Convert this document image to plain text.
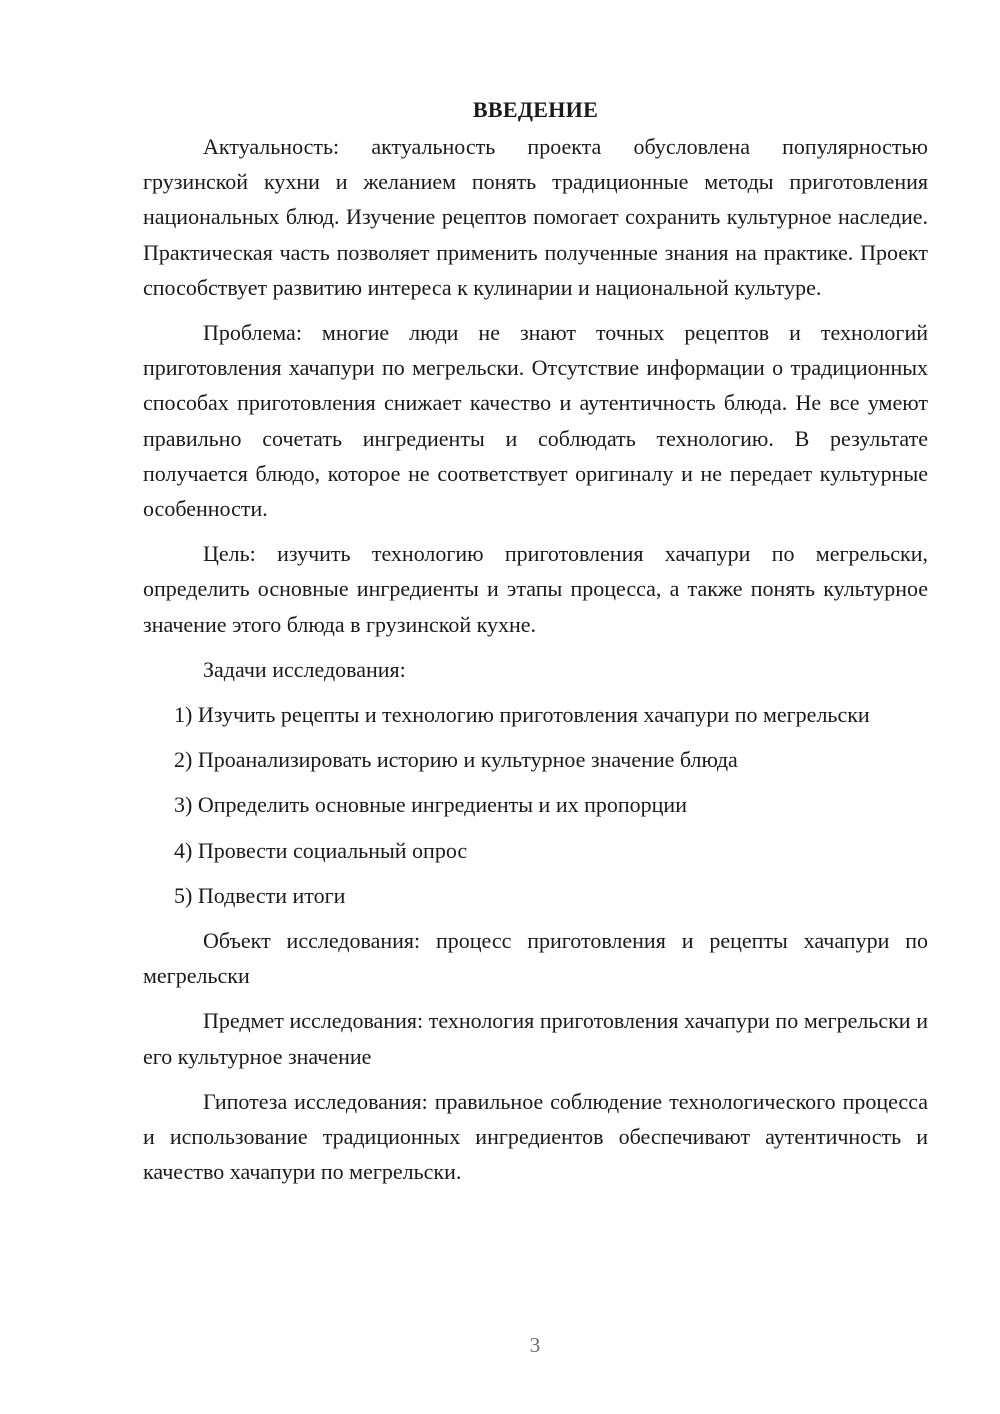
ВВЕДЕНИЕ

Актуальность: актуальность проекта обусловлена популярностью грузинской кухни и желанием понять традиционные методы приготовления национальных блюд. Изучение рецептов помогает сохранить культурное наследие. Практическая часть позволяет применить полученные знания на практике. Проект способствует развитию интереса к кулинарии и национальной культуре.

Проблема: многие люди не знают точных рецептов и технологий приготовления хачапури по мегрельски. Отсутствие информации о традиционных способах приготовления снижает качество и аутентичность блюда. Не все умеют правильно сочетать ингредиенты и соблюдать технологию. В результате получается блюдо, которое не соответствует оригиналу и не передает культурные особенности.

Цель: изучить технологию приготовления хачапури по мегрельски, определить основные ингредиенты и этапы процесса, а также понять культурное значение этого блюда в грузинской кухне.

Задачи исследования:

1) Изучить рецепты и технологию приготовления хачапури по мегрельски

2) Проанализировать историю и культурное значение блюда

3) Определить основные ингредиенты и их пропорции

4) Провести социальный опрос

5) Подвести итоги

Объект исследования: процесс приготовления и рецепты хачапури по мегрельски

Предмет исследования: технология приготовления хачапури по мегрельски и его культурное значение

Гипотеза исследования: правильное соблюдение технологического процесса и использование традиционных ингредиентов обеспечивают аутентичность и качество хачапури по мегрельски.

3
